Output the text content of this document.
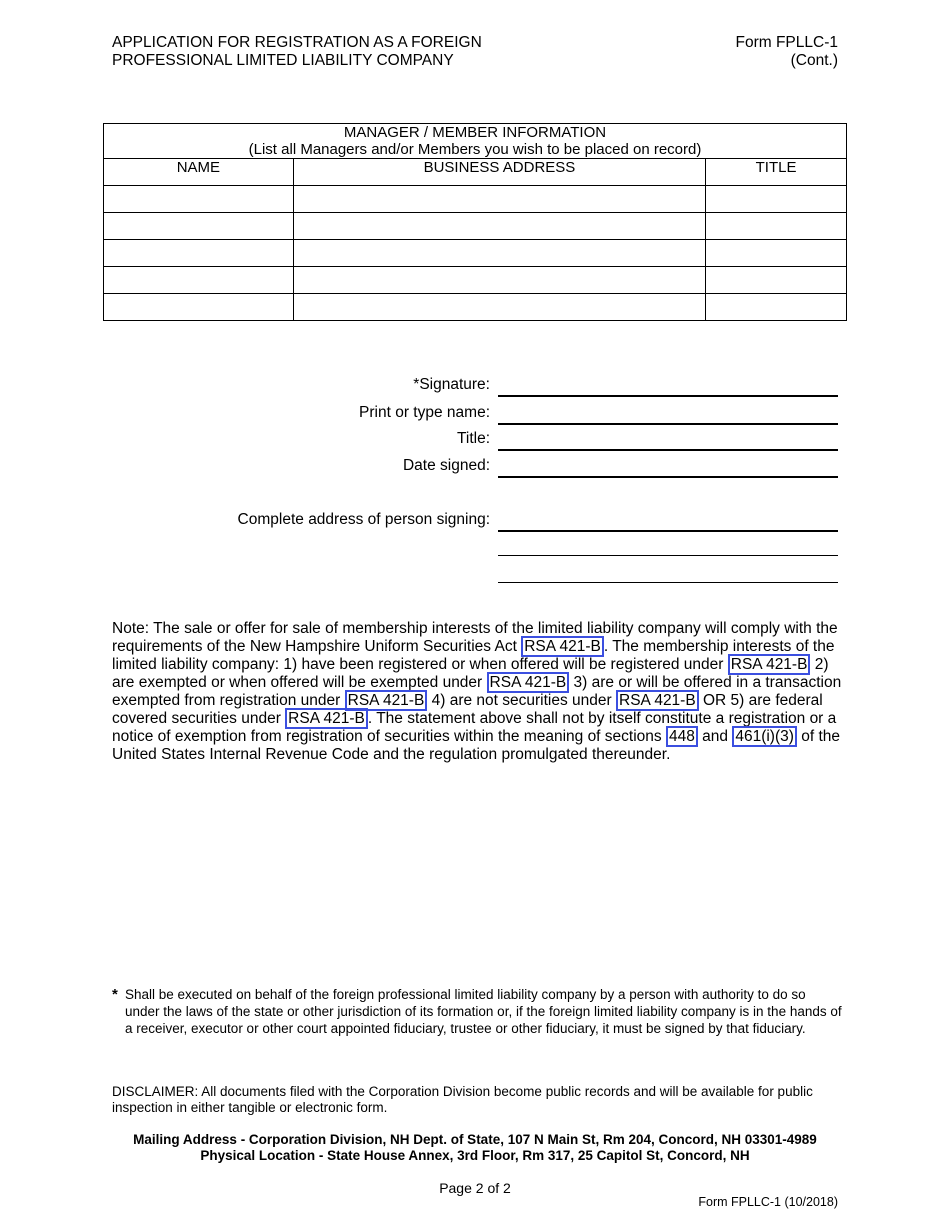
APPLICATION FOR REGISTRATION AS A FOREIGN
PROFESSIONAL LIMITED LIABILITY COMPANY
Form FPLLC-1
(Cont.)
MANAGER / MEMBER INFORMATION
(List all Managers and/or Members you wish to be placed on record)		

NAME	BUSINESS ADDRESS	TITLE

*Signature:
Print or type name:
Title:
Date signed:
Complete address of person signing:
Note: The sale or offer for sale of membership interests of the limited liability company will comply with the requirements of the New Hampshire Uniform Securities Act RSA 421-B . The membership interests of the limited liability company: 1) have been registered or when offered will be registered under RSA 421-B 2) are exempted or when offered will be exempted under RSA 421-B 3) are or will be offered in a transaction exempted from registration under RSA 421-B 4) are not securities under RSA 421-B OR 5) are federal covered securities under RSA 421-B . The statement above shall not by itself constitute a registration or a notice of exemption from registration of securities within the meaning of sections 448 and 461(i)(3) of the United States Internal Revenue Code and the regulation promulgated thereunder.
* Shall be executed on behalf of the foreign professional limited liability company by a person with authority to do so under the laws of the state or other jurisdiction of its formation or, if the foreign limited liability company is in the hands of a receiver, executor or other court appointed fiduciary, trustee or other fiduciary, it must be signed by that fiduciary.
DISCLAIMER: All documents filed with the Corporation Division become public records and will be available for public inspection in either tangible or electronic form.
Mailing Address - Corporation Division, NH Dept. of State, 107 N Main St, Rm 204, Concord, NH 03301-4989
Physical Location - State House Annex, 3rd Floor, Rm 317, 25 Capitol St, Concord, NH
Page 2 of 2
Form FPLLC-1 (10/2018)
